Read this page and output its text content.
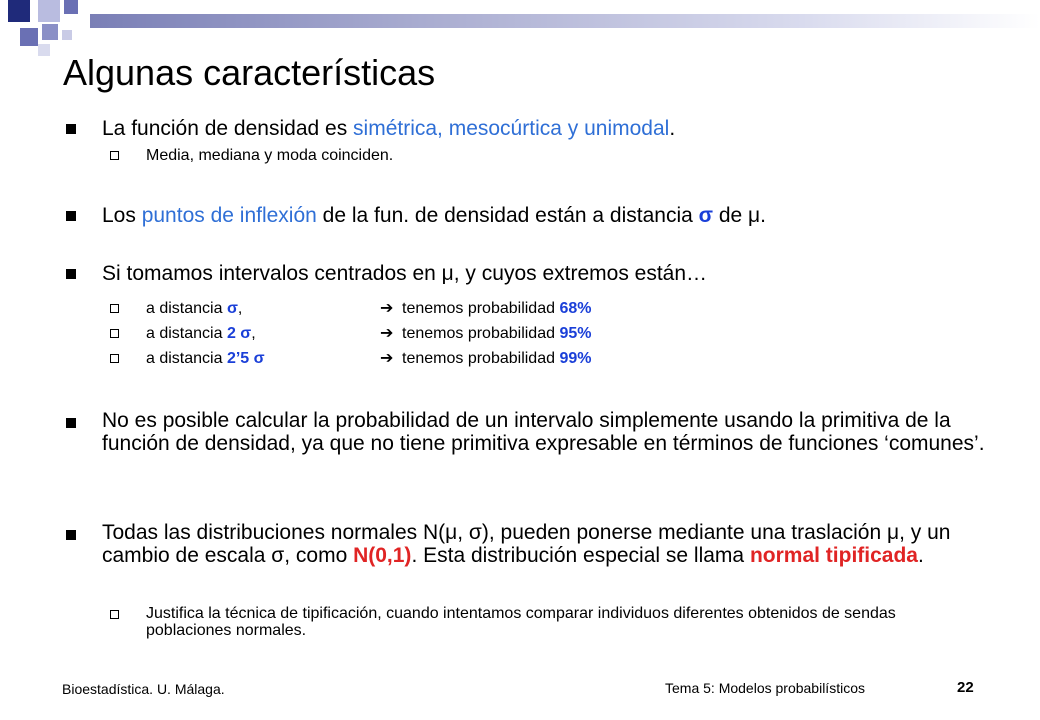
Algunas características
La función de densidad es simétrica, mesocúrtica y unimodal.
Media, mediana y moda coinciden.
Los puntos de inflexión de la fun. de densidad están a distancia σ de μ.
Si tomamos intervalos centrados en μ, y cuyos extremos están…
a distancia σ,	➔ tenemos probabilidad 68%
a distancia 2 σ,	➔ tenemos probabilidad 95%
a distancia 2’5 σ	➔ tenemos probabilidad 99%
No es posible calcular la probabilidad de un intervalo simplemente usando la primitiva de la función de densidad, ya que no tiene primitiva expresable en términos de funciones ‘comunes’.
Todas las distribuciones normales N(μ, σ), pueden ponerse mediante una traslación μ, y un cambio de escala σ, como N(0,1). Esta distribución especial se llama normal tipificada.
Justifica la técnica de tipificación, cuando intentamos comparar individuos diferentes obtenidos de sendas poblaciones normales.
Bioestadística. U. Málaga.	Tema 5: Modelos probabilísticos	22
